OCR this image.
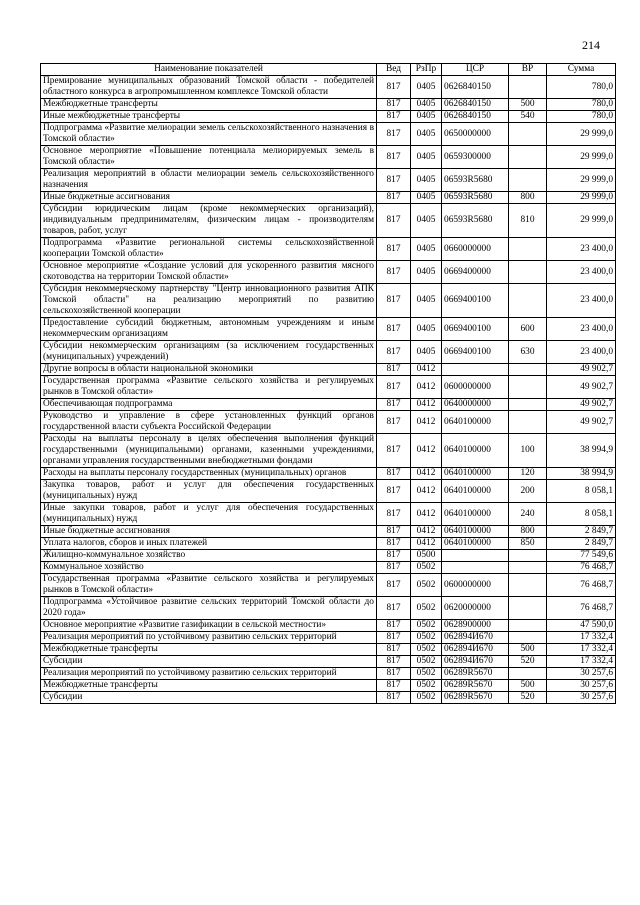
214
Наименование показателей	Вед	РзПр	ЦСР	ВР	Сумма
Премирование муниципальных образований Томской области - победителей областного конкурса в агропромышленном комплексе Томской области	817	0405	0626840150		780,0
Межбюджетные трансферты	817	0405	0626840150	500	780,0
Иные межбюджетные трансферты	817	0405	0626840150	540	780,0
Подпрограмма «Развитие мелиорации земель сельскохозяйственного назначения в Томской области»	817	0405	0650000000		29 999,0
Основное мероприятие «Повышение потенциала мелиорируемых земель в Томской области»	817	0405	0659300000		29 999,0
Реализация мероприятий в области мелиорации земель сельскохозяйственного назначения	817	0405	06593R5680		29 999,0
Иные бюджетные ассигнования	817	0405	06593R5680	800	29 999,0
Субсидии юридическим лицам (кроме некоммерческих организаций), индивидуальным предпринимателям, физическим лицам - производителям товаров, работ, услуг	817	0405	06593R5680	810	29 999,0
Подпрограмма «Развитие региональной системы сельскохозяйственной кооперации Томской области»	817	0405	0660000000		23 400,0
Основное мероприятие «Создание условий для ускоренного развития мясного скотоводства на территории Томской области»	817	0405	0669400000		23 400,0
Субсидия некоммерческому партнерству "Центр инновационного развития АПК Томской области" на реализацию мероприятий по развитию сельскохозяйственной кооперации	817	0405	0669400100		23 400,0
Предоставление субсидий бюджетным, автономным учреждениям и иным некоммерческим организациям	817	0405	0669400100	600	23 400,0
Субсидии некоммерческим организациям (за исключением государственных (муниципальных) учреждений)	817	0405	0669400100	630	23 400,0
Другие вопросы в области национальной экономики	817	0412			49 902,7
Государственная программа «Развитие сельского хозяйства и регулируемых рынков в Томской области»	817	0412	0600000000		49 902,7
Обеспечивающая подпрограмма	817	0412	0640000000		49 902,7
Руководство и управление в сфере установленных функций органов государственной власти субъекта Российской Федерации	817	0412	0640100000		49 902,7
Расходы на выплаты персоналу в целях обеспечения выполнения функций государственными (муниципальными) органами, казенными учреждениями, органами управления государственными внебюджетными фондами	817	0412	0640100000	100	38 994,9
Расходы на выплаты персоналу государственных (муниципальных) органов	817	0412	0640100000	120	38 994,9
Закупка товаров, работ и услуг для обеспечения государственных (муниципальных) нужд	817	0412	0640100000	200	8 058,1
Иные закупки товаров, работ и услуг для обеспечения государственных (муниципальных) нужд	817	0412	0640100000	240	8 058,1
Иные бюджетные ассигнования	817	0412	0640100000	800	2 849,7
Уплата налогов, сборов и иных платежей	817	0412	0640100000	850	2 849,7
Жилищно-коммунальное хозяйство	817	0500			77 549,6
Коммунальное хозяйство	817	0502			76 468,7
Государственная программа «Развитие сельского хозяйства и регулируемых рынков в Томской области»	817	0502	0600000000		76 468,7
Подпрограмма «Устойчивое развитие сельских территорий Томской области до 2020 года»	817	0502	0620000000		76 468,7
Основное мероприятие «Развитие газификации в сельской местности»	817	0502	0628900000		47 590,0
Реализация мероприятий по устойчивому развитию сельских территорий	817	0502	062894И670		17 332,4
Межбюджетные трансферты	817	0502	062894И670	500	17 332,4
Субсидии	817	0502	062894И670	520	17 332,4
Реализация мероприятий по устойчивому развитию сельских территорий	817	0502	06289R5670		30 257,6
Межбюджетные трансферты	817	0502	06289R5670	500	30 257,6
Субсидии	817	0502	06289R5670	520	30 257,6
